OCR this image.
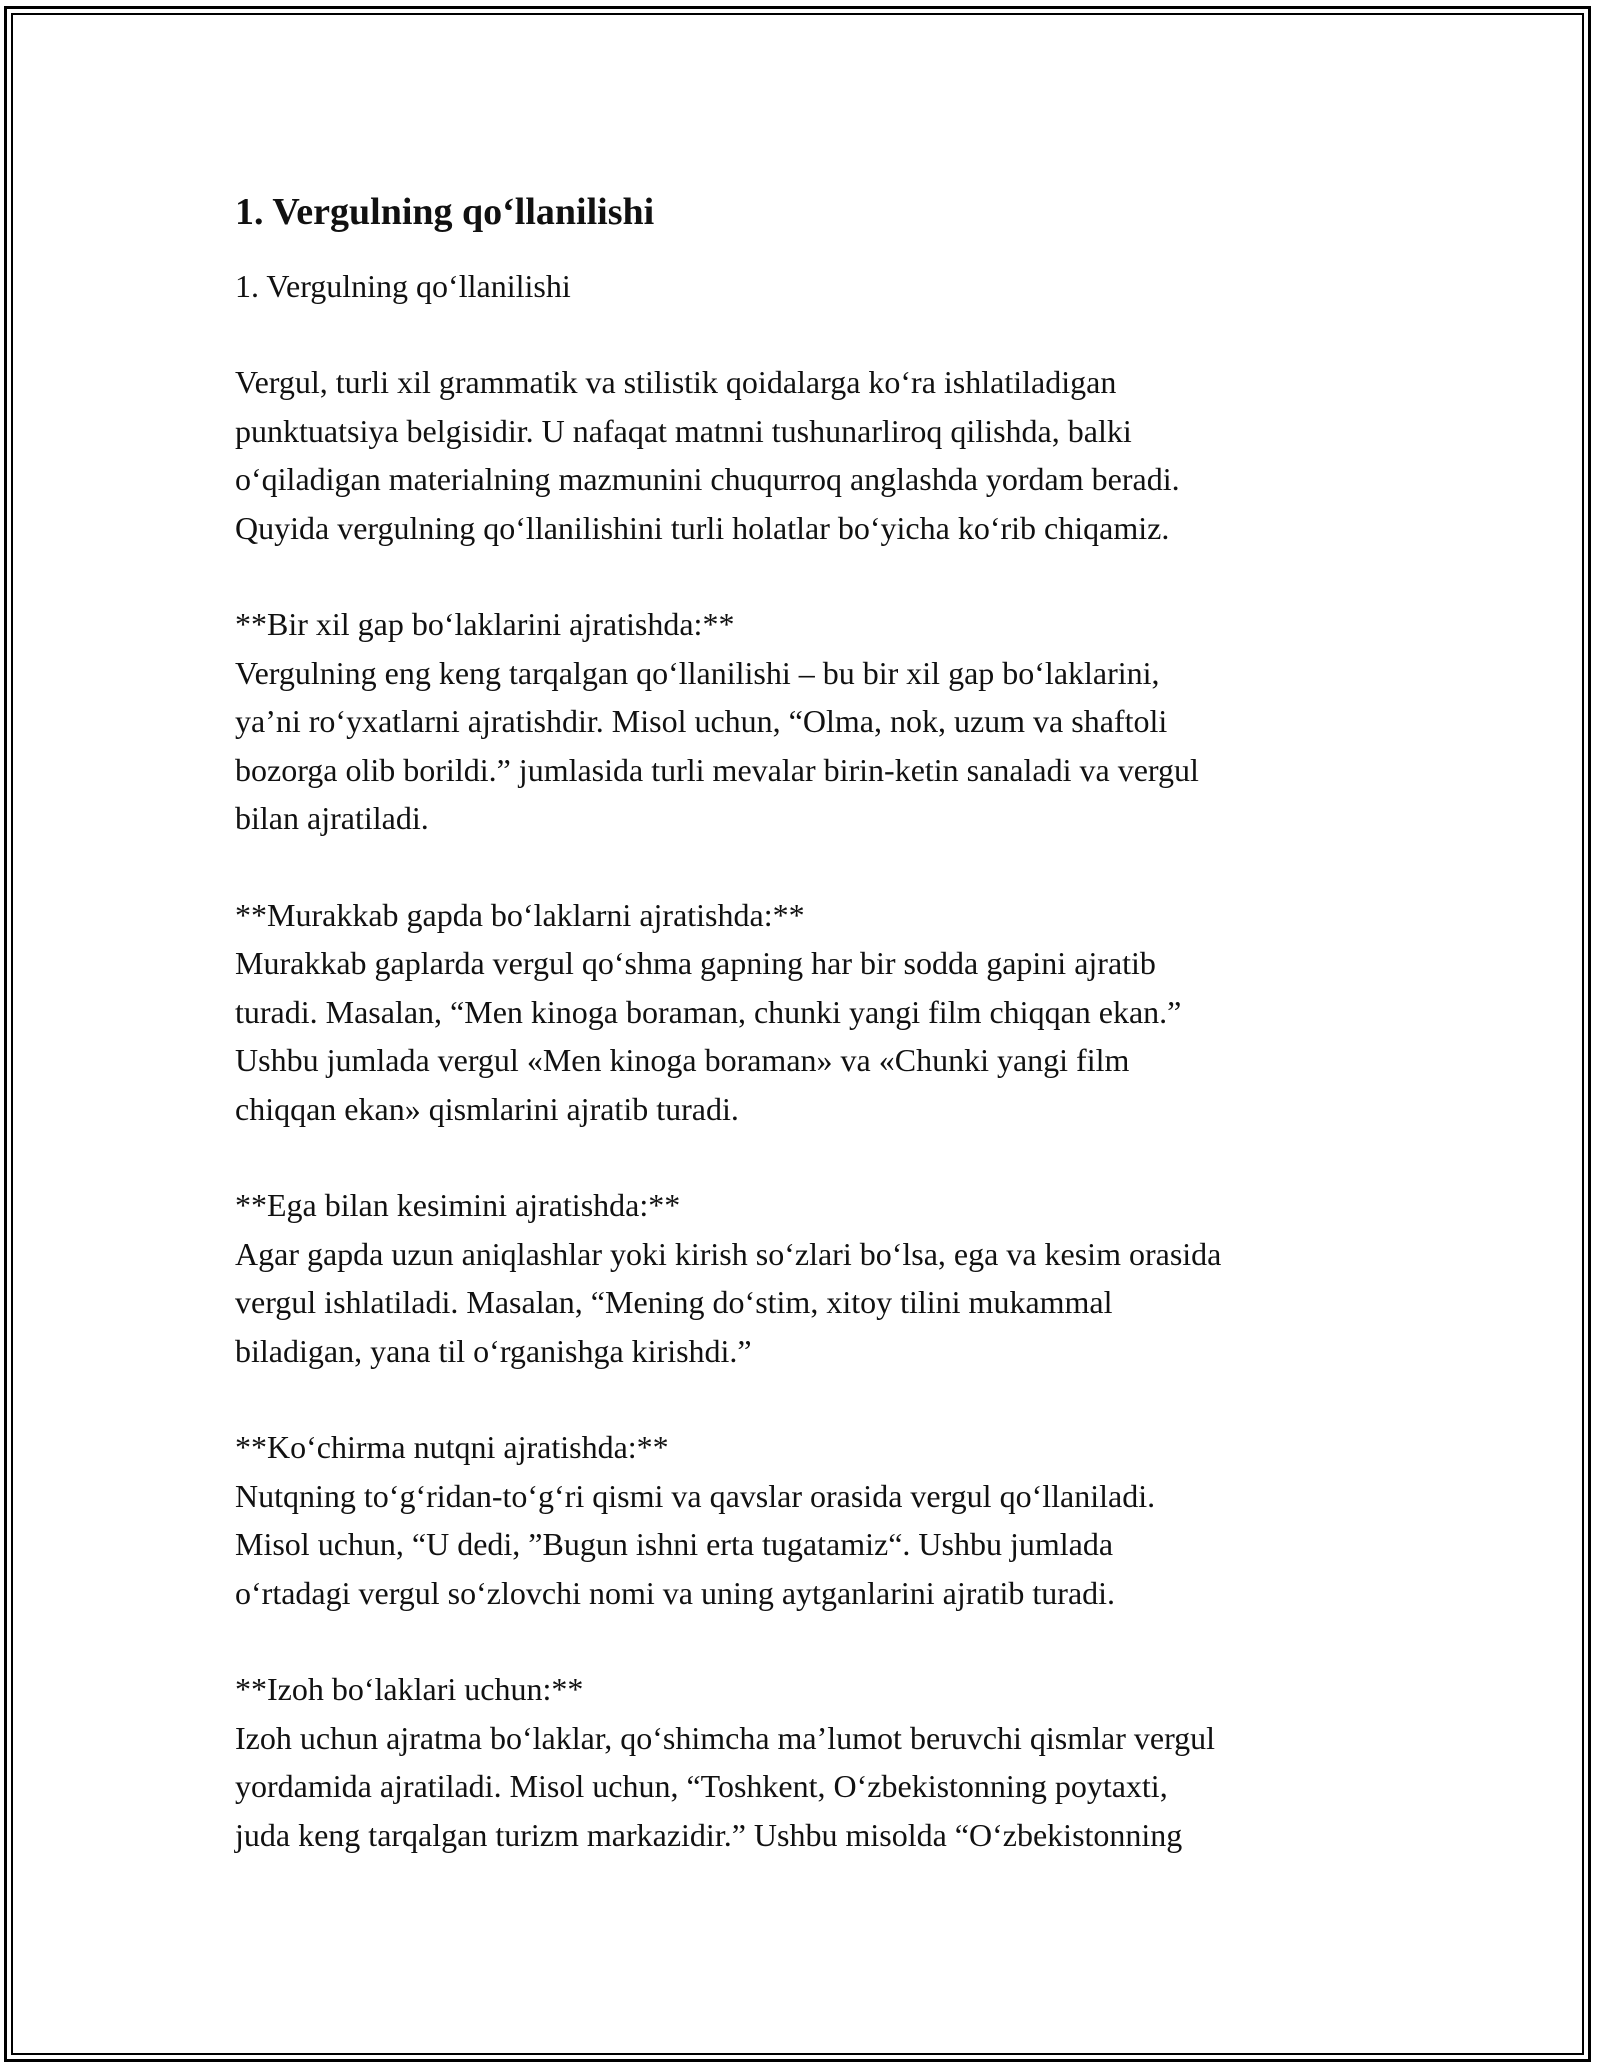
1. Vergulning qo‘llanilishi
1. Vergulning qo‘llanilishi
Vergul, turli xil grammatik va stilistik qoidalarga ko‘ra ishlatiladigan
punktuatsiya belgisidir. U nafaqat matnni tushunarliroq qilishda, balki
o‘qiladigan materialning mazmunini chuqurroq anglashda yordam beradi.
Quyida vergulning qo‘llanilishini turli holatlar bo‘yicha ko‘rib chiqamiz.
**Bir xil gap bo‘laklarini ajratishda:**
Vergulning eng keng tarqalgan qo‘llanilishi – bu bir xil gap bo‘laklarini,
ya’ni ro‘yxatlarni ajratishdir. Misol uchun, “Olma, nok, uzum va shaftoli
bozorga olib borildi.” jumlasida turli mevalar birin-ketin sanaladi va vergul
bilan ajratiladi.
**Murakkab gapda bo‘laklarni ajratishda:**
Murakkab gaplarda vergul qo‘shma gapning har bir sodda gapini ajratib
turadi. Masalan, “Men kinoga boraman, chunki yangi film chiqqan ekan.”
Ushbu jumlada vergul «Men kinoga boraman» va «Chunki yangi film
chiqqan ekan» qismlarini ajratib turadi.
**Ega bilan kesimini ajratishda:**
Agar gapda uzun aniqlashlar yoki kirish so‘zlari bo‘lsa, ega va kesim orasida
vergul ishlatiladi. Masalan, “Mening do‘stim, xitoy tilini mukammal
biladigan, yana til o‘rganishga kirishdi.”
**Ko‘chirma nutqni ajratishda:**
Nutqning to‘g‘ridan-to‘g‘ri qismi va qavslar orasida vergul qo‘llaniladi.
Misol uchun, “U dedi, ”Bugun ishni erta tugatamiz“. Ushbu jumlada
o‘rtadagi vergul so‘zlovchi nomi va uning aytganlarini ajratib turadi.
**Izoh bo‘laklari uchun:**
Izoh uchun ajratma bo‘laklar, qo‘shimcha ma’lumot beruvchi qismlar vergul
yordamida ajratiladi. Misol uchun, “Toshkent, O‘zbekistonning poytaxti,
juda keng tarqalgan turizm markazidir.” Ushbu misolda “O‘zbekistonning
